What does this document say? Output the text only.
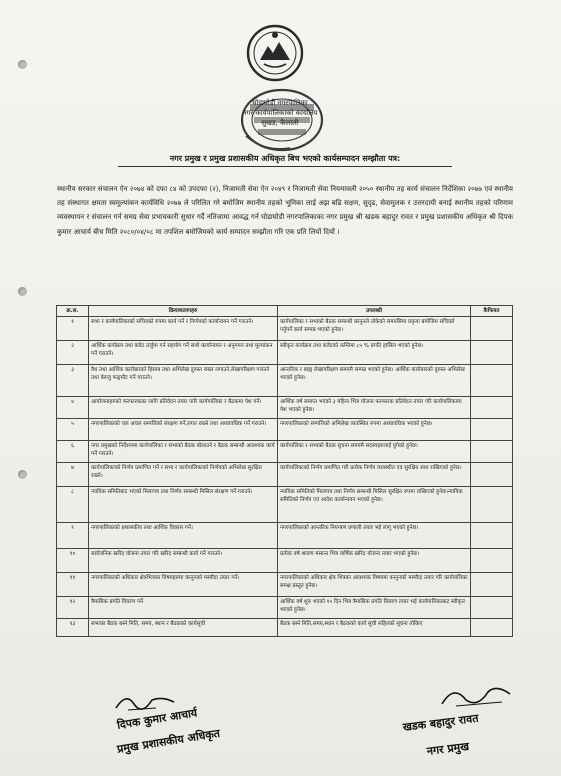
घोडाघोडी नगरपालिका
नगर कार्यपालिकाको कार्यालय
सुखड, कैलाली
नगर प्रमुख र प्रमुख प्रशासकीय अधिकृत बिच भएको कार्यसम्पादन सम्झौता पत्र:
स्थानीय सरकार संचालन ऐन २०७४ को दफा ८४ को उपदफा (२), निजामती सेवा ऐन २०४९ र निजामती सेवा नियमावली २०५० स्थानीय तह कार्य संचालन निर्देशिका २०७७ एवं स्थानीय तह संस्थागत क्षमता स्वमूल्यांकन कार्यविधि २०७७ ले परिलित गरे बमोजिम स्थानीय तहको भूमिका लाई अझ बढि सक्षम, सुदृढ, सेवामुलक र उत्तरदायी बनाई स्थानीय तहको परिणाम व्यवस्थापन र संचालन गर्न समग्र सेवा प्रभावकारी सुधार गर्दै नतिजामा आवद्ध गर्न घोडाघोडी नगरपालिकाका नगर प्रमुख श्री खडक बहादुर रावत र प्रमुख प्रशासकीय अधिकृत श्री दिपक कुमार आचार्य बीच मिति २०८०/०४/०८ मा तपशिल बमोजिमको कार्य सम्पादन सम्झौता गरि एक प्रति लियों दियों ।
क्र.स.	क्रियाकलापहरु	उपलब्धी	कैफियत
१	सभा र कार्यपालिकाको सचिवको रुपमा कार्य गर्ने र निर्णयको कार्यान्वयन गर्ने गराउने।	कार्यपालिका र सभाको बैठक सम्बन्धी कानुनले तोकेको समयसिमा प्रकृया बमोजिम सचिवले गर्नुपर्ने कार्य सम्पन्न भएको हुनेछ।	
२	आर्थिक कार्यक्रम तथा बजेट तर्जुमा गर्न सहयोग गर्ने साथै कार्यान्वयन र अनुगमन तथा मुल्यांकन गर्ने गराउने।	स्वीकृत कार्यक्रम तथा बजेटको कम्तिमा ८५ % प्रगति हासिल भएको हुनेछ।	
३	वैध तथा आर्थिक कारोबारको हिसाब तथा अभिलेख दुरुस्त राख्न लगाउने,लेखापरिक्षण गराउने तथा बेरुजु फछ्र्यौट गर्ने गराउने।	आन्तरिक र बाह्य लेखापरिक्षण समयमै सम्पन्न भएको हुनेछ। आर्थिक कारोबारको दुरुस्त अभिलेख भएको हुनेछ।	
४	आयोजनाहरुको फरफारकका लागि प्रतिवेदन तयार पारि कार्यपालिका र बैठकमा पेश गर्ने।	आर्थिक वर्ष समाप्त भएको ३ महिना भित्र योजना फरफारक प्रतिवेदन तयार गरि कार्यपालिकामा पेश भएको हुनेछ।	
५	नगरपालिकाको चल अचल सम्पत्तिको संरक्षण गर्ने,लगत राख्ने तथा अध्यावधिक गर्ने गराउने।	नगरपालिकाको सम्पत्तिको अभिलेख व्यवस्थित रुपमा अध्यावधिक भएको हुनेछ।	
६	नगर प्रमुखको निर्देशनमा कार्यपालिका र सभाको बैठक बोलाउने र बैठक सम्बन्धी आवश्यक कार्य गर्ने गराउने।	कार्यपालिका र सभाको बैठक सुचना समयमै सदस्यहरुलाई पुगेको हुनेछ।	
७	कार्यपालिकाको निर्णय प्रमाणित गर्ने र सभा र कार्यपालिकाको निर्णयको अभिलेख सुरक्षित राख्ने।	कार्यपालिकाको निर्णय प्रमाणित गरी प्रत्येक निर्णय व्यवस्थीत एव सुरक्षित साथ राखिएको हुनेछ।	
८	न्यायिक समितिबाट भएको मिलापत्र तथा निर्णय सम्बन्धी मिसिल संरक्षण गर्ने गराउने।	न्यायिक समितिको मिलापत्र तथा निर्णय सम्बन्धी मिसिल सुरक्षित रुपमा राखिएको हुनेछ।न्यायिक समितिको निर्णय एवं आदेश कार्यान्वयन भएको हुनेछ।	
९	नगरपालिकाको प्रशासकीय तथा आर्थिक विकास गर्ने।	नगरपालिकाको आन्तरिक नियन्त्रण प्रणाली तयार भई लागू भएको हुनेछ।	
१०	सार्वजनिक खरिद योजना तयार गरि खरिद सम्बन्धी कार्य गर्ने गराउने।	प्रत्येक वर्ष श्रावण मसान्त भित्र वार्षिक खरिद योजना तयार भएको हुनेछ।	
११	नगरपालिकाको अधिकार क्षेत्रभित्रका विषयहरुमा कानुनको मस्यौदा तयार गर्ने।	नगरपालिकाको अधिकार क्षेत्र भित्रका आवश्यक विषयमा कानुनको मस्यौदा तयार गरि कार्यपालिका समक्ष प्रस्तुत हुनेछ।	
१२	त्रैमासिक प्रगति विवरण गर्ने	आर्थिक वर्ष शुरु भएको १५ दिन भित्र त्रैमासिक प्रगति विवरण तयार भई कार्यपालिकाबाट स्वीकृत भएको हुनेछ।	
१३	सभाका बैठक बस्ने मिति, समय, स्थान र बैठकको कार्यसूची	बैठक बस्ने मिति,समय,स्थान र बैठकको कार्य सूची सहितको सूचना तोकिए	
दिपक कुमार आचार्य
प्रमुख प्रशासकीय अधिकृत
खडक बहादुर रावत
नगर प्रमुख
